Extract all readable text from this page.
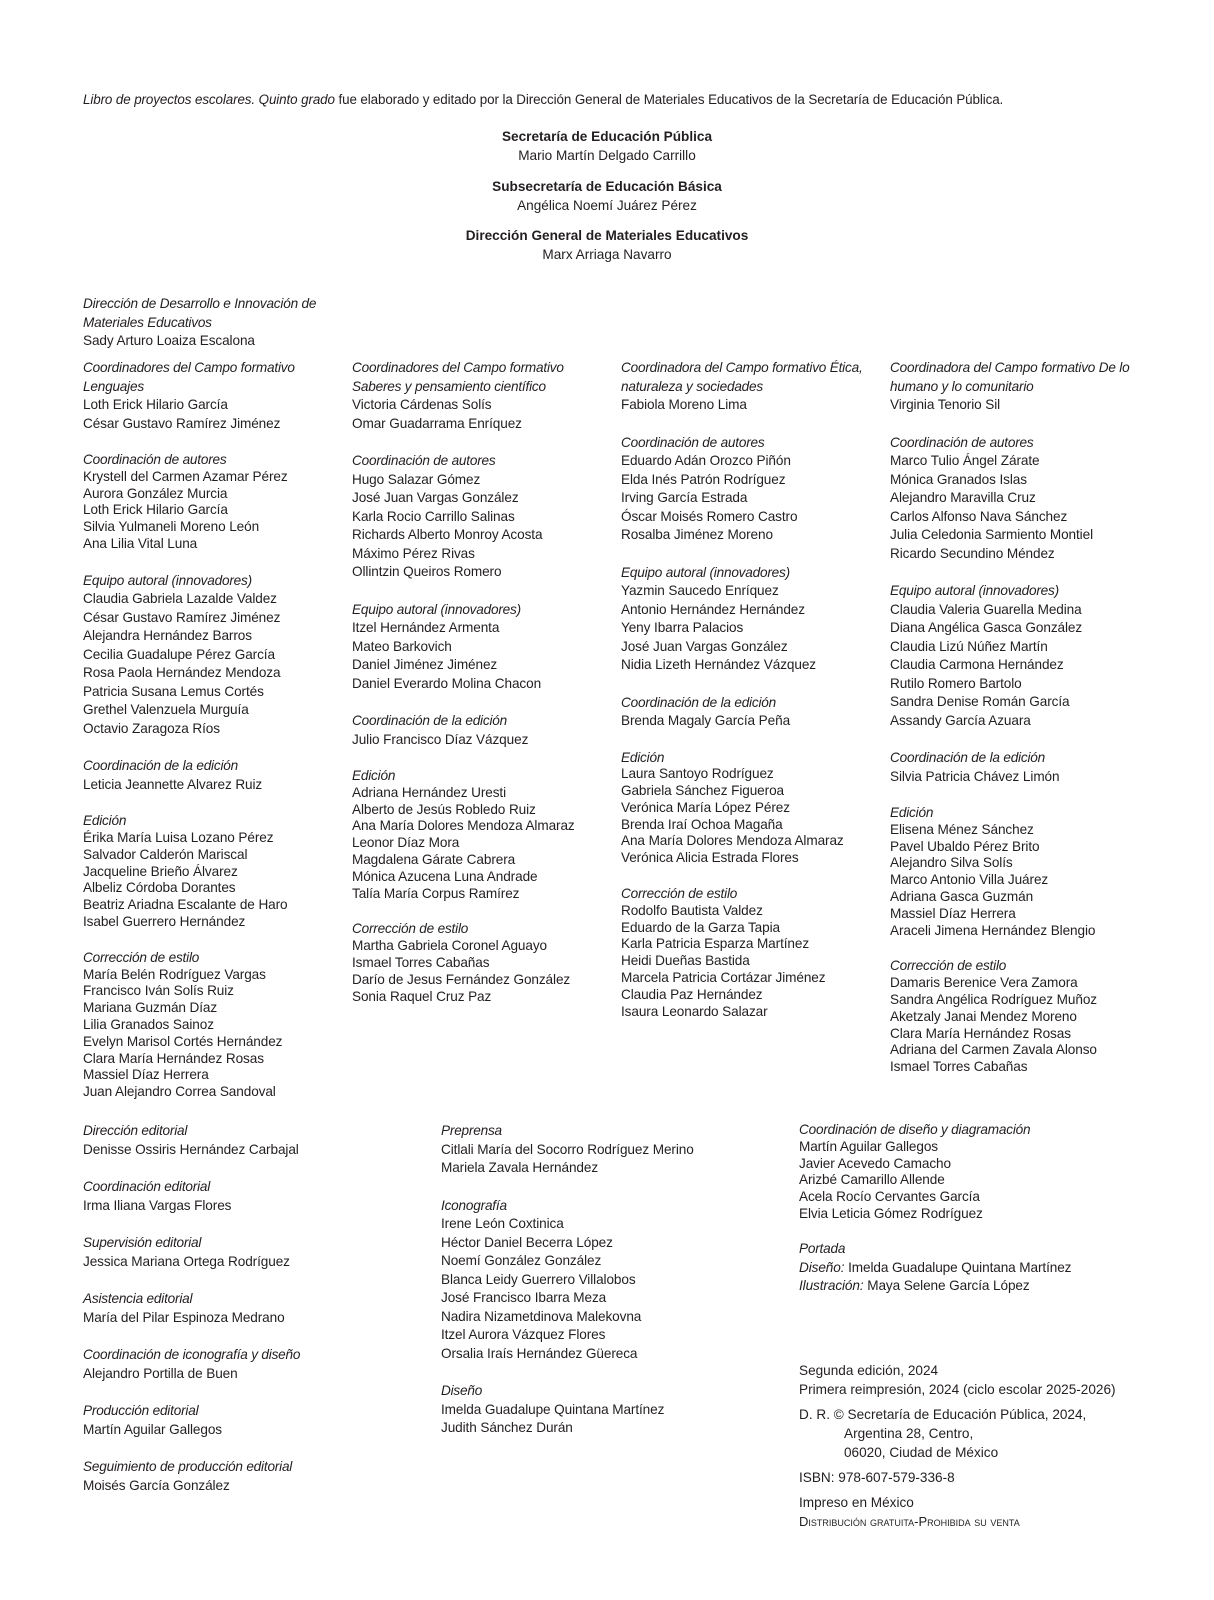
Libro de proyectos escolares. Quinto grado fue elaborado y editado por la Dirección General de Materiales Educativos de la Secretaría de Educación Pública.
Secretaría de Educación Pública
Mario Martín Delgado Carrillo
Subsecretaría de Educación Básica
Angélica Noemí Juárez Pérez
Dirección General de Materiales Educativos
Marx Arriaga Navarro
Dirección de Desarrollo e Innovación de Materiales Educativos
Sady Arturo Loaiza Escalona
Coordinadores del Campo formativo Lenguajes
Loth Erick Hilario García
César Gustavo Ramírez Jiménez
Coordinación de autores
Krystell del Carmen Azamar Pérez
Aurora González Murcia
Loth Erick Hilario García
Silvia Yulmaneli Moreno León
Ana Lilia Vital Luna
Equipo autoral (innovadores)
Claudia Gabriela Lazalde Valdez
César Gustavo Ramírez Jiménez
Alejandra Hernández Barros
Cecilia Guadalupe Pérez García
Rosa Paola Hernández Mendoza
Patricia Susana Lemus Cortés
Grethel Valenzuela Murguía
Octavio Zaragoza Ríos
Coordinación de la edición
Leticia Jeannette Alvarez Ruiz
Edición
Érika María Luisa Lozano Pérez
Salvador Calderón Mariscal
Jacqueline Brieño Álvarez
Albeliz Córdoba Dorantes
Beatriz Ariadna Escalante de Haro
Isabel Guerrero Hernández
Corrección de estilo
María Belén Rodríguez Vargas
Francisco Iván Solís Ruiz
Mariana Guzmán Díaz
Lilia Granados Sainoz
Evelyn Marisol Cortés Hernández
Clara María Hernández Rosas
Massiel Díaz Herrera
Juan Alejandro Correa Sandoval
Coordinadores del Campo formativo Saberes y pensamiento científico
Victoria Cárdenas Solís
Omar Guadarrama Enríquez
Coordinación de autores
Hugo Salazar Gómez
José Juan Vargas González
Karla Rocio Carrillo Salinas
Richards Alberto Monroy Acosta
Máximo Pérez Rivas
Ollintzin Queiros Romero
Equipo autoral (innovadores)
Itzel Hernández Armenta
Mateo Barkovich
Daniel Jiménez Jiménez
Daniel Everardo Molina Chacon
Coordinación de la edición
Julio Francisco Díaz Vázquez
Edición
Adriana Hernández Uresti
Alberto de Jesús Robledo Ruiz
Ana María Dolores Mendoza Almaraz
Leonor Díaz Mora
Magdalena Gárate Cabrera
Mónica Azucena Luna Andrade
Talía María Corpus Ramírez
Corrección de estilo
Martha Gabriela Coronel Aguayo
Ismael Torres Cabañas
Darío de Jesus Fernández González
Sonia Raquel Cruz Paz
Coordinadora del Campo formativo Ética, naturaleza y sociedades
Fabiola Moreno Lima
Coordinación de autores
Eduardo Adán Orozco Piñón
Elda Inés Patrón Rodríguez
Irving García Estrada
Óscar Moisés Romero Castro
Rosalba Jiménez Moreno
Equipo autoral (innovadores)
Yazmin Saucedo Enríquez
Antonio Hernández Hernández
Yeny Ibarra Palacios
José Juan Vargas González
Nidia Lizeth Hernández Vázquez
Coordinación de la edición
Brenda Magaly García Peña
Edición
Laura Santoyo Rodríguez
Gabriela Sánchez Figueroa
Verónica María López Pérez
Brenda Iraí Ochoa Magaña
Ana María Dolores Mendoza Almaraz
Verónica Alicia Estrada Flores
Corrección de estilo
Rodolfo Bautista Valdez
Eduardo de la Garza Tapia
Karla Patricia Esparza Martínez
Heidi Dueñas Bastida
Marcela Patricia Cortázar Jiménez
Claudia Paz Hernández
Isaura Leonardo Salazar
Coordinadora del Campo formativo De lo humano y lo comunitario
Virginia Tenorio Sil
Coordinación de autores
Marco Tulio Ángel Zárate
Mónica Granados Islas
Alejandro Maravilla Cruz
Carlos Alfonso Nava Sánchez
Julia Celedonia Sarmiento Montiel
Ricardo Secundino Méndez
Equipo autoral (innovadores)
Claudia Valeria Guarella Medina
Diana Angélica Gasca González
Claudia Lizú Núñez Martín
Claudia Carmona Hernández
Rutilo Romero Bartolo
Sandra Denise Román García
Assandy García Azuara
Coordinación de la edición
Silvia Patricia Chávez Limón
Edición
Elisena Ménez Sánchez
Pavel Ubaldo Pérez Brito
Alejandro Silva Solís
Marco Antonio Villa Juárez
Adriana Gasca Guzmán
Massiel Díaz Herrera
Araceli Jimena Hernández Blengio
Corrección de estilo
Damaris Berenice Vera Zamora
Sandra Angélica Rodríguez Muñoz
Aketzaly Janai Mendez Moreno
Clara María Hernández Rosas
Adriana del Carmen Zavala Alonso
Ismael Torres Cabañas
Dirección editorial
Denisse Ossiris Hernández Carbajal
Coordinación editorial
Irma Iliana Vargas Flores
Supervisión editorial
Jessica Mariana Ortega Rodríguez
Asistencia editorial
María del Pilar Espinoza Medrano
Coordinación de iconografía y diseño
Alejandro Portilla de Buen
Producción editorial
Martín Aguilar Gallegos
Seguimiento de producción editorial
Moisés García González
Preprensa
Citlali María del Socorro Rodríguez Merino
Mariela Zavala Hernández
Iconografía
Irene León Coxtinica
Héctor Daniel Becerra López
Noemí González González
Blanca Leidy Guerrero Villalobos
José Francisco Ibarra Meza
Nadira Nizametdinova Malekovna
Itzel Aurora Vázquez Flores
Orsalia Iraís Hernández Güereca
Diseño
Imelda Guadalupe Quintana Martínez
Judith Sánchez Durán
Coordinación de diseño y diagramación
Martín Aguilar Gallegos
Javier Acevedo Camacho
Arizbé Camarillo Allende
Acela Rocío Cervantes García
Elvia Leticia Gómez Rodríguez
Portada
Diseño: Imelda Guadalupe Quintana Martínez
Ilustración: Maya Selene García López
Segunda edición, 2024
Primera reimpresión, 2024 (ciclo escolar 2025-2026)
D. R. © Secretaría de Educación Pública, 2024,
Argentina 28, Centro,
06020, Ciudad de México
ISBN: 978-607-579-336-8
Impreso en México
Distribución gratuita-Prohibida su venta
